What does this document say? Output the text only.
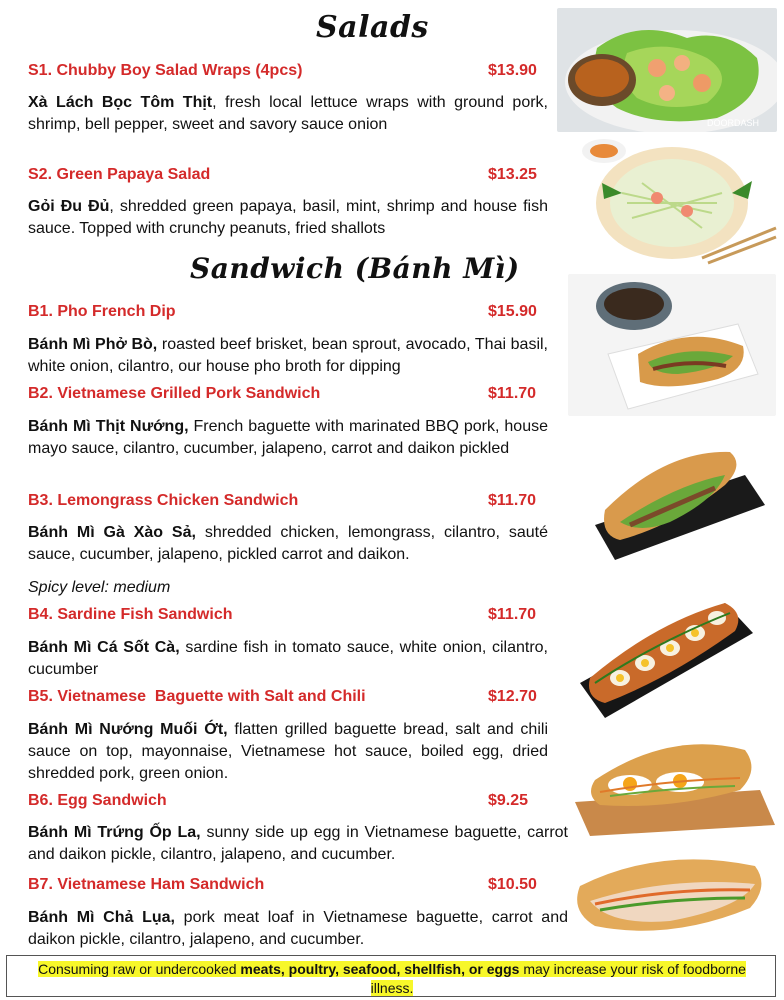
Salads
Sandwich (Bánh Mì)
S1. Chubby Boy Salad Wraps (4pcs)	$13.90
Xà Lách Bọc Tôm Thịt, fresh local lettuce wraps with ground pork, shrimp, bell pepper, sweet and savory sauce onion
S2. Green Papaya Salad	$13.25
Gỏi Đu Đủ, shredded green papaya, basil, mint, shrimp and house fish sauce. Topped with crunchy peanuts, fried shallots
B1. Pho French Dip	$15.90
Bánh Mì Phở Bò, roasted beef brisket, bean sprout, avocado, Thai basil, white onion, cilantro, our house pho broth for dipping
B2. Vietnamese Grilled Pork Sandwich	$11.70
Bánh Mì Thịt Nướng, French baguette with marinated BBQ pork, house mayo sauce, cilantro, cucumber, jalapeno, carrot and daikon pickled
B3. Lemongrass Chicken Sandwich	$11.70
Bánh Mì Gà Xào Sả, shredded chicken, lemongrass, cilantro, sauté sauce, cucumber, jalapeno, pickled carrot and daikon.
Spicy level: medium
B4. Sardine Fish Sandwich	$11.70
Bánh Mì Cá Sốt Cà, sardine fish in tomato sauce, white onion, cilantro, cucumber
B5. Vietnamese  Baguette with Salt and Chili	$12.70
Bánh Mì Nướng Muối Ớt, flatten grilled baguette bread, salt and chili sauce on top, mayonnaise, Vietnamese hot sauce, boiled egg, dried shredded pork, green onion.
B6. Egg Sandwich	$9.25
Bánh Mì Trứng Ốp La, sunny side up egg in Vietnamese baguette, carrot and daikon pickle, cilantro, jalapeno, and cucumber.
B7. Vietnamese Ham Sandwich	$10.50
Bánh Mì Chả Lụa, pork meat loaf in Vietnamese baguette, carrot and daikon pickle, cilantro, jalapeno, and cucumber.
DOORDASH
Consuming raw or undercooked meats, poultry, seafood, shellfish, or eggs may increase your risk of foodborne illness.
